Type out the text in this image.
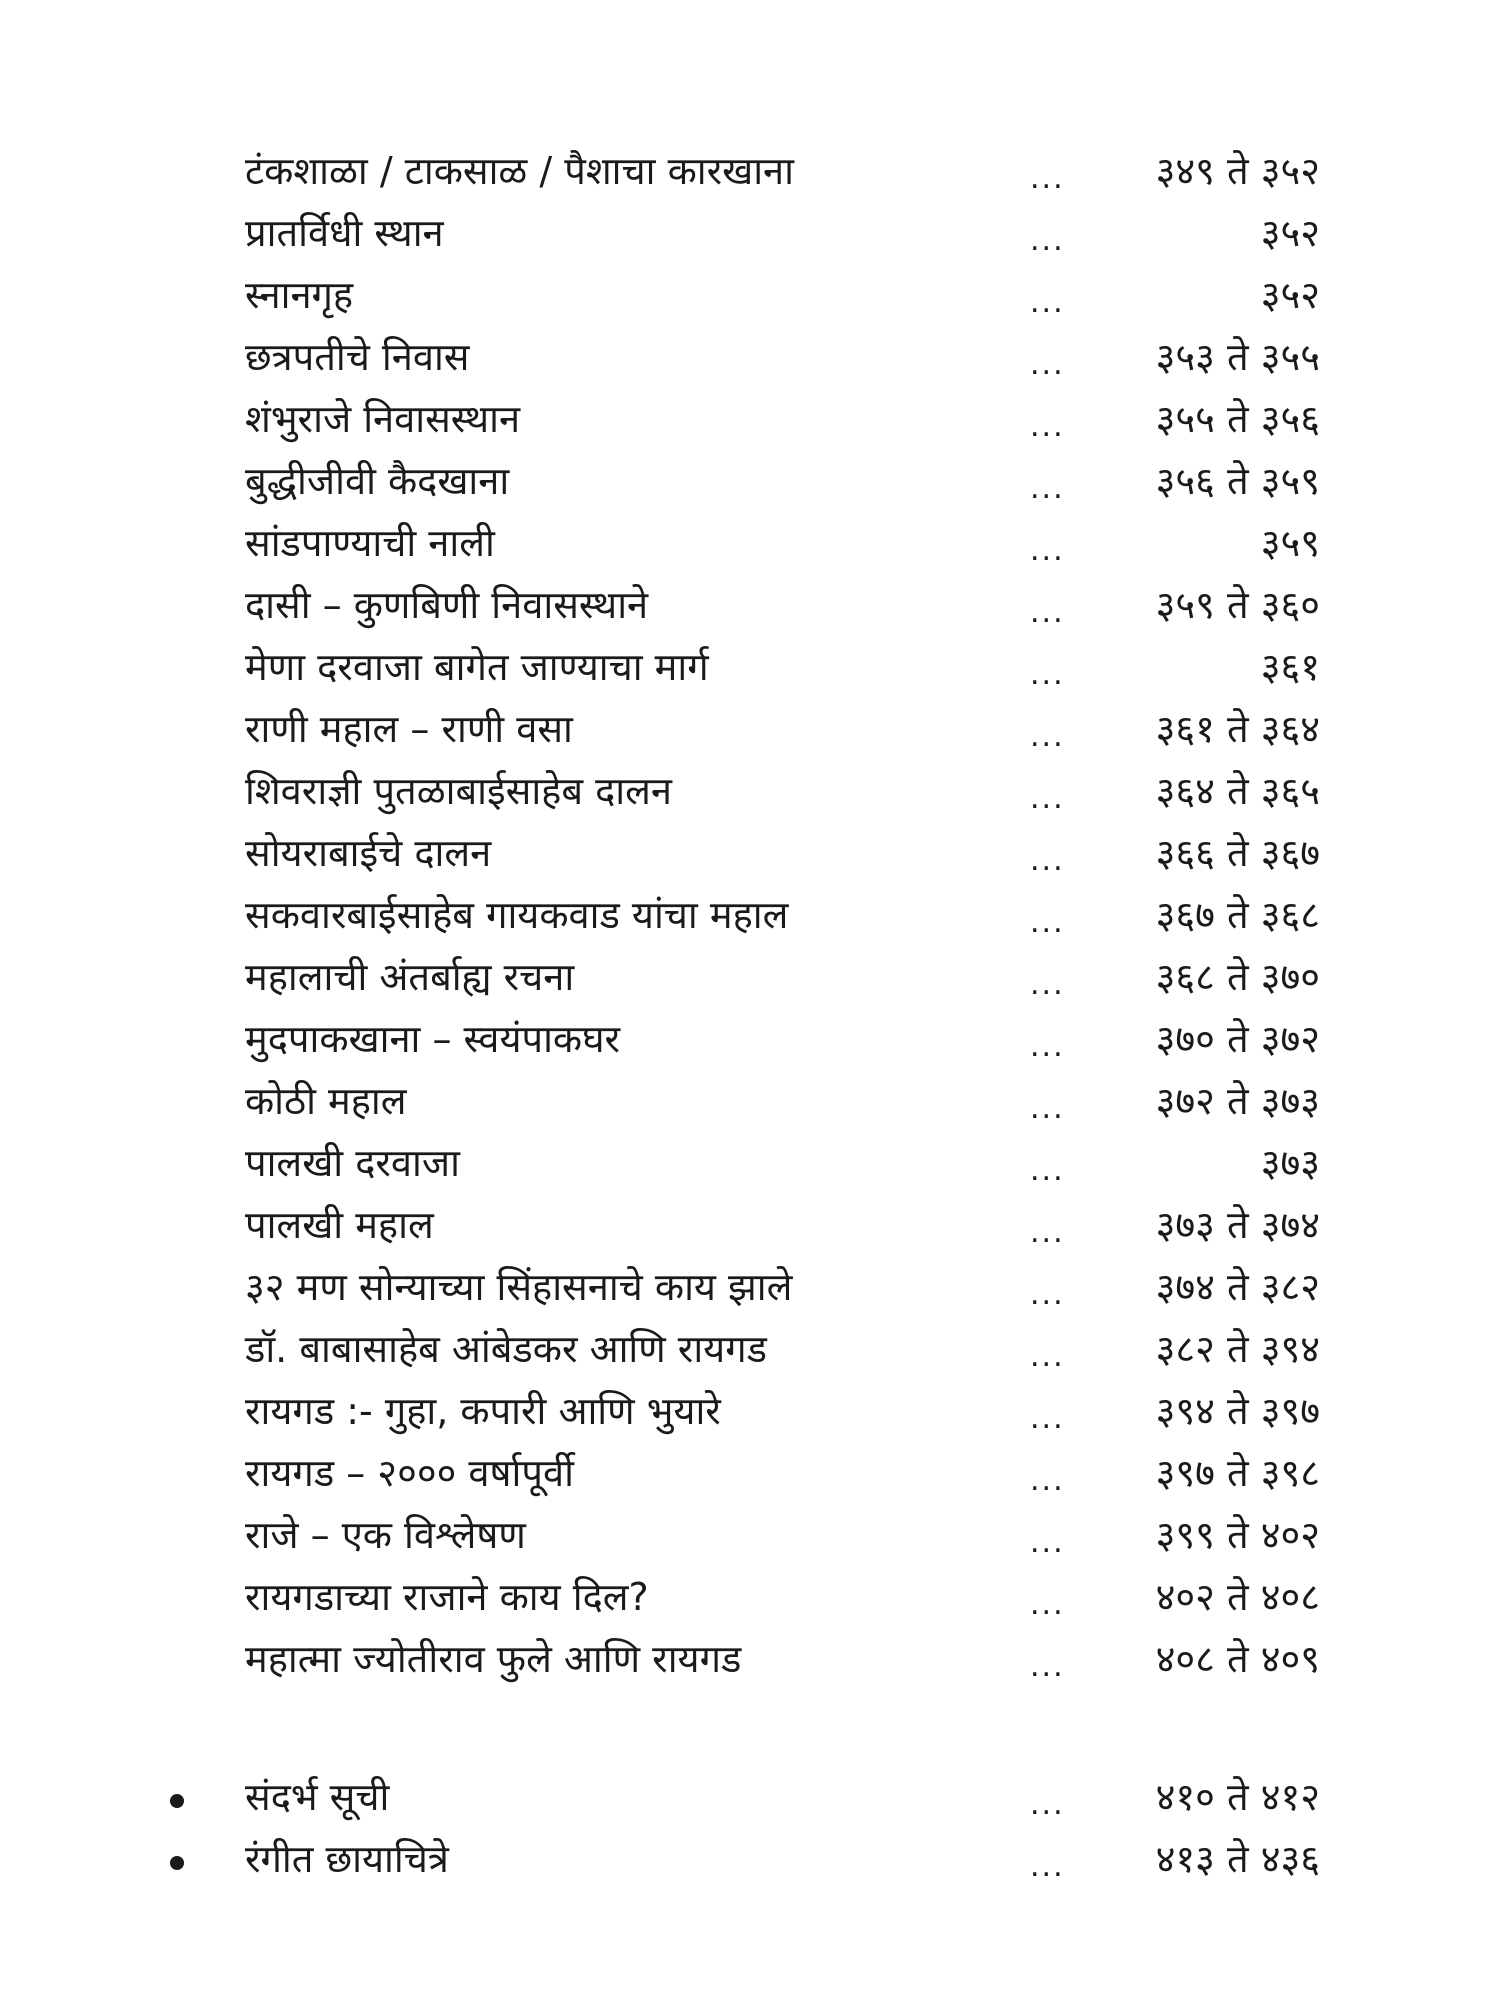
टंकशाळा / टाकसाळ / पैशाचा कारखाना	... ३४९ ते ३५२
प्रातर्विधी स्थान	...	३५२
स्नानगृह	...	३५२
छत्रपतीचे निवास	... ३५३ ते ३५५
शंभुराजे निवासस्थान	... ३५५ ते ३५६
बुद्धीजीवी कैदखाना	... ३५६ ते ३५९
सांडपाण्याची नाली	...	३५९
दासी – कुणबिणी निवासस्थाने	... ३५९ ते ३६०
मेणा दरवाजा बागेत जाण्याचा मार्ग	...	३६१
राणी महाल – राणी वसा	... ३६१ ते ३६४
शिवराज्ञी पुतळाबाईसाहेब दालन	... ३६४ ते ३६५
सोयराबाईचे दालन	... ३६६ ते ३६७
सकवारबाईसाहेब गायकवाड यांचा महाल	... ३६७ ते ३६८
महालाची अंतर्बाह्य रचना	... ३६८ ते ३७०
मुदपाकखाना – स्वयंपाकघर	... ३७० ते ३७२
कोठी महाल	... ३७२ ते ३७३
पालखी दरवाजा	...	३७३
पालखी महाल	... ३७३ ते ३७४
३२ मण सोन्याच्या सिंहासनाचे काय झाले	... ३७४ ते ३८२
डॉ. बाबासाहेब आंबेडकर आणि रायगड	... ३८२ ते ३९४
रायगड :- गुहा, कपारी आणि भुयारे	... ३९४ ते ३९७
रायगड – २००० वर्षापूर्वी	... ३९७ ते ३९८
राजे – एक विश्लेषण	... ३९९ ते ४०२
रायगडाच्या राजाने काय दिल?	... ४०२ ते ४०८
महात्मा ज्योतीराव फुले आणि रायगड	... ४०८ ते ४०९
संदर्भ सूची	... ४१० ते ४१२
रंगीत छायाचित्रे	... ४१३ ते ४३६
